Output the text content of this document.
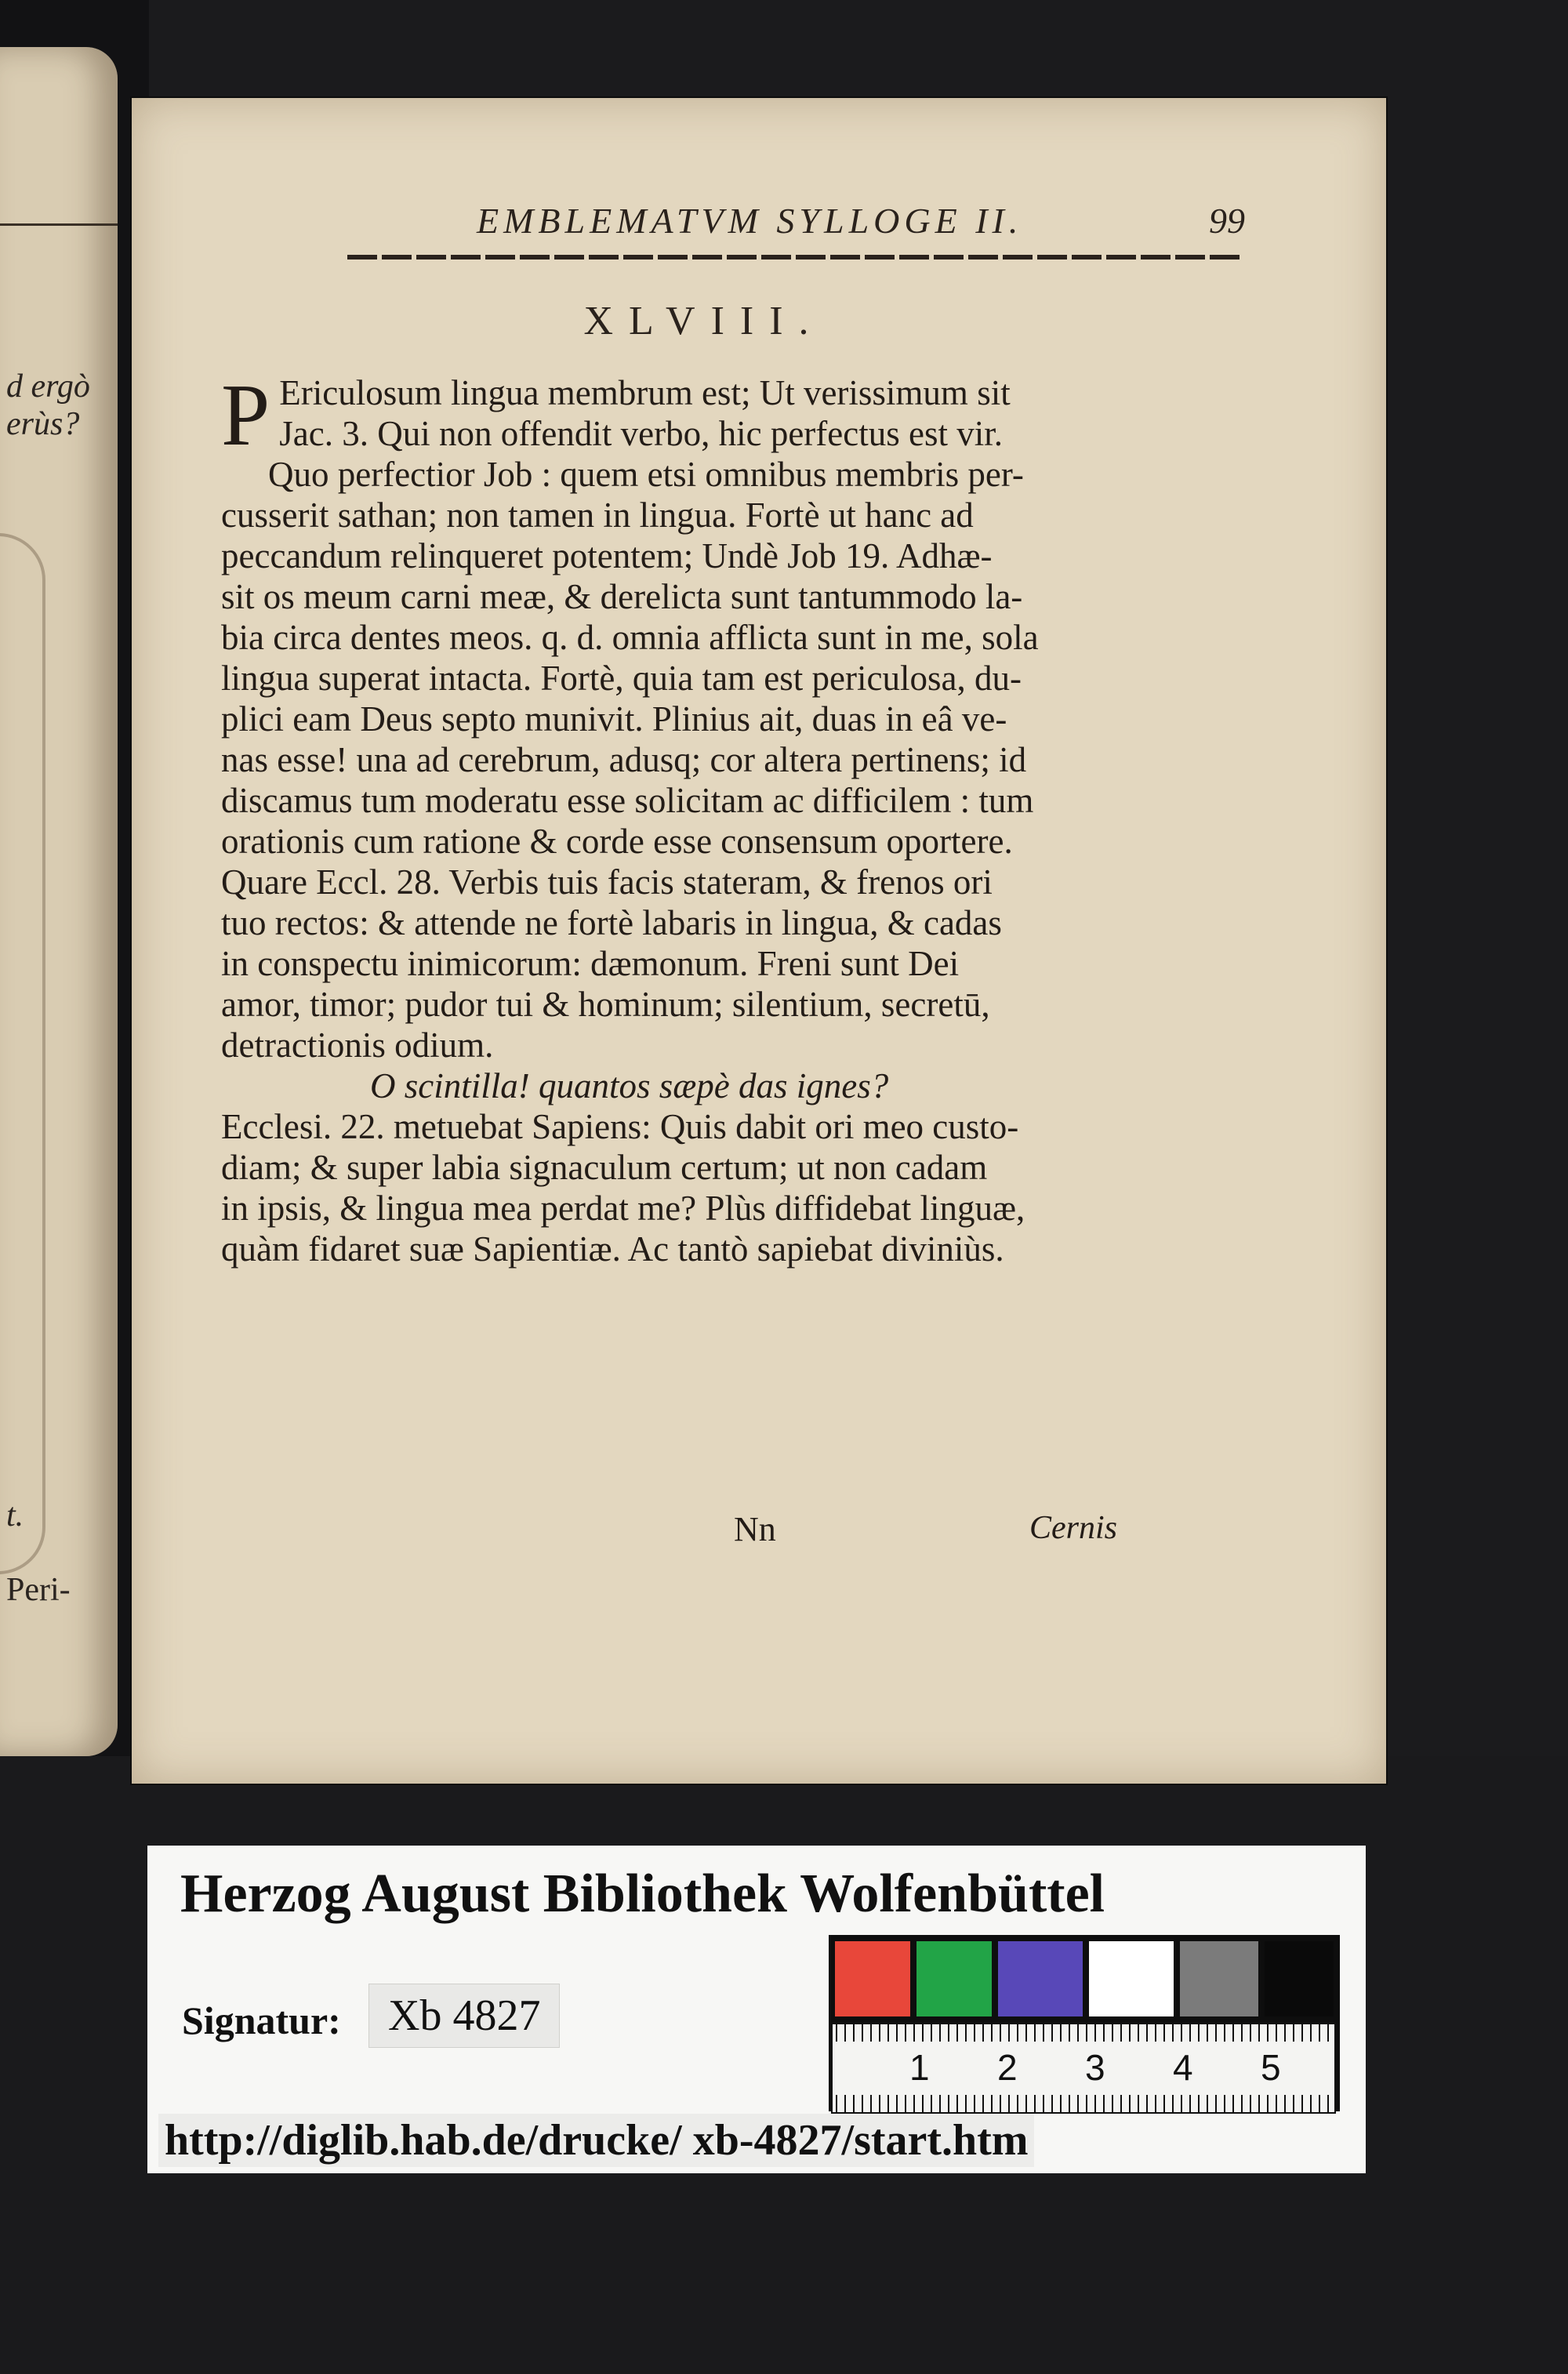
d ergò
erùs?
t.
Peri-
EMBLEMATVM SYLLOGE II.	99
XLVIII.
P Ericulosum lingua membrum est; Ut verissimum sit
Jac. 3. Qui non offendit verbo, hic perfectus est vir.
Quo perfectior Job : quem etsi omnibus membris per-
cusserit sathan; non tamen in lingua. Fortè ut hanc ad
peccandum relinqueret potentem; Undè Job 19. Adhæ-
sit os meum carni meæ, & derelicta sunt tantummodo la-
bia circa dentes meos. q. d. omnia afflicta sunt in me, sola
lingua superat intacta. Fortè, quia tam est periculosa, du-
plici eam Deus septo munivit. Plinius ait, duas in eâ ve-
nas esse! una ad cerebrum, adusq; cor altera pertinens; id
discamus tum moderatu esse solicitam ac difficilem : tum
orationis cum ratione & corde esse consensum oportere.
Quare Eccl. 28. Verbis tuis facis stateram, & frenos ori
tuo rectos: & attende ne fortè labaris in lingua, & cadas
in conspectu inimicorum: dæmonum. Freni sunt Dei
amor, timor; pudor tui & hominum; silentium, secretū,
detractionis odium.
O scintilla! quantos sæpè das ignes?
Ecclesi. 22. metuebat Sapiens: Quis dabit ori meo custo-
diam; & super labia signaculum certum; ut non cadam
in ipsis, & lingua mea perdat me? Plùs diffidebat linguæ,
quàm fidaret suæ Sapientiæ. Ac tantò sapiebat diviniùs.
Nn	Cernis
Herzog August Bibliothek Wolfenbüttel
Signatur:	Xb 4827
http://diglib.hab.de/drucke/ xb-4827/start.htm
1 2 3 4 5
